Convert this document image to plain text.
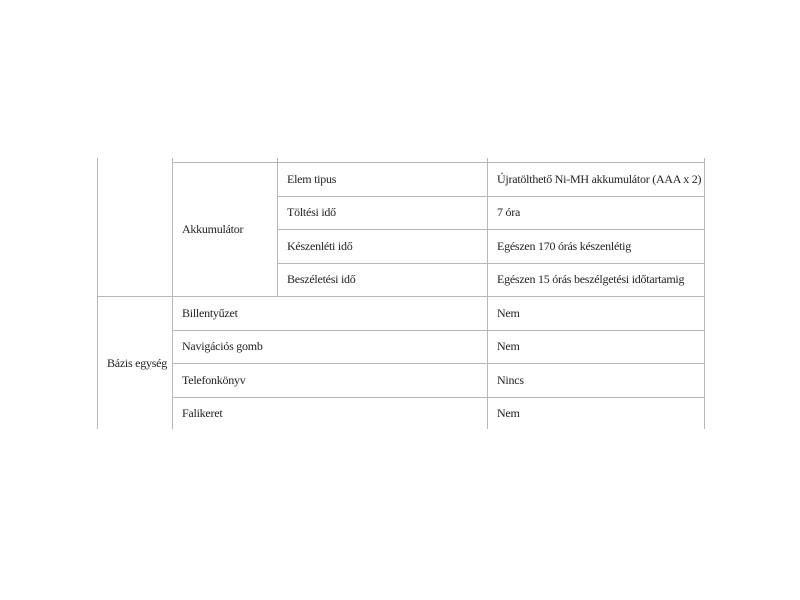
	Akkumulátor	Elem tipus	Újratölthető Ni-MH akkumulátor (AAA x 2)
		Töltési idő	7 óra
		Készenléti idő	Egészen 170 órás készenlétig
		Beszéletési idő	Egészen 15 órás beszélgetési időtartamig
Bázis egység	Billentyűzet		Nem
	Navigációs gomb		Nem
	Telefonkönyv		Nincs
	Falikeret		Nem
